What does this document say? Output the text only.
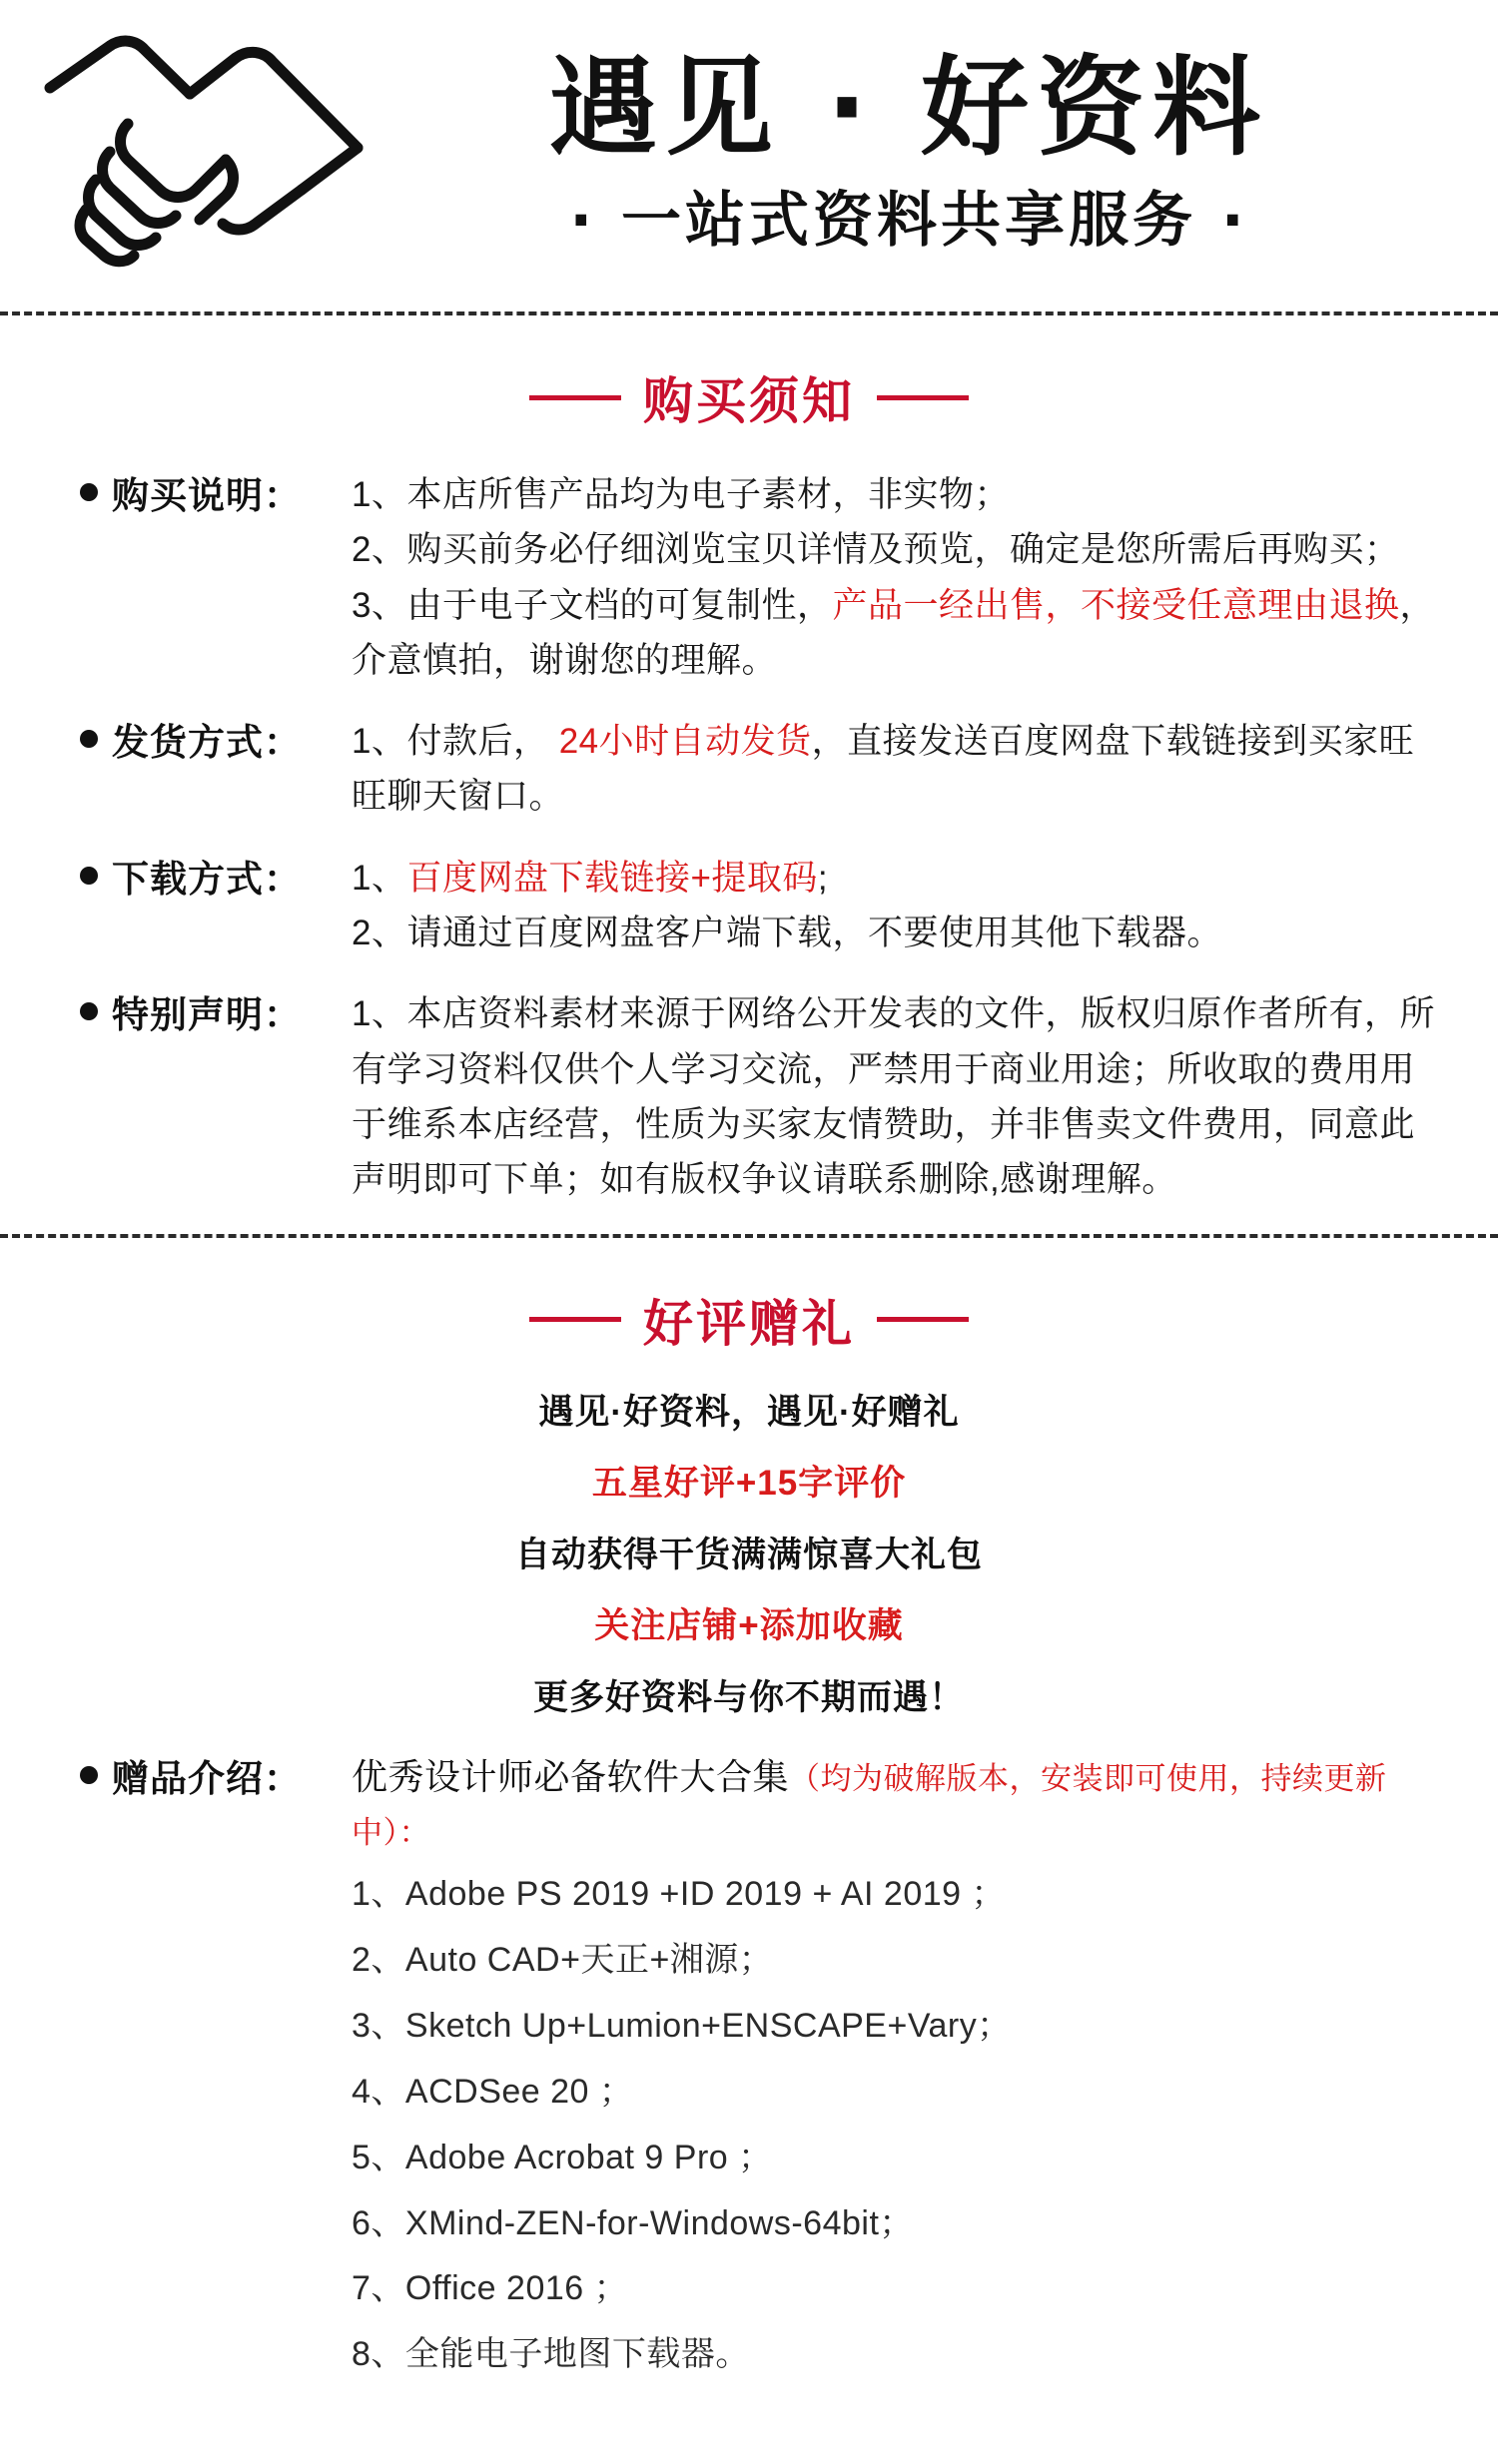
遇见 · 好资料
· 一站式资料共享服务 ·
购买须知
购买说明：	1、本店所售产品均为电子素材，非实物；

2、购买前务必仔细浏览宝贝详情及预览，确定是您所需后再购买；

3、由于电子文档的可复制性，产品一经出售，不接受任意理由退换，

介意慎拍，谢谢您的理解。

发货方式：	1、付款后， 24小时自动发货，直接发送百度网盘下载链接到买家旺

旺聊天窗口。

下载方式：	1、百度网盘下载链接+提取码;

2、请通过百度网盘客户端下载，不要使用其他下载器。

特别声明：	1、本店资料素材来源于网络公开发表的文件，版权归原作者所有，所

有学习资料仅供个人学习交流，严禁用于商业用途；所收取的费用用

于维系本店经营，性质为买家友情赞助，并非售卖文件费用，同意此

声明即可下单；如有版权争议请联系删除,感谢理解。

好评赠礼

遇见·好资料，遇见·好赠礼

五星好评+15字评价

自动获得干货满满惊喜大礼包

关注店铺+添加收藏

更多好资料与你不期而遇！

赠品介绍：	优秀设计师必备软件大合集（均为破解版本，安装即可使用，持续更新中）：
1、Adobe PS 2019 +ID 2019 + AI 2019 ；
2、Auto CAD+天正+湘源；
3、Sketch Up+Lumion+ENSCAPE+Vary；
4、ACDSee 20 ；
5、Adobe Acrobat 9 Pro ；
6、XMind-ZEN-for-Windows-64bit；
7、Office 2016 ；
8、全能电子地图下载器。
